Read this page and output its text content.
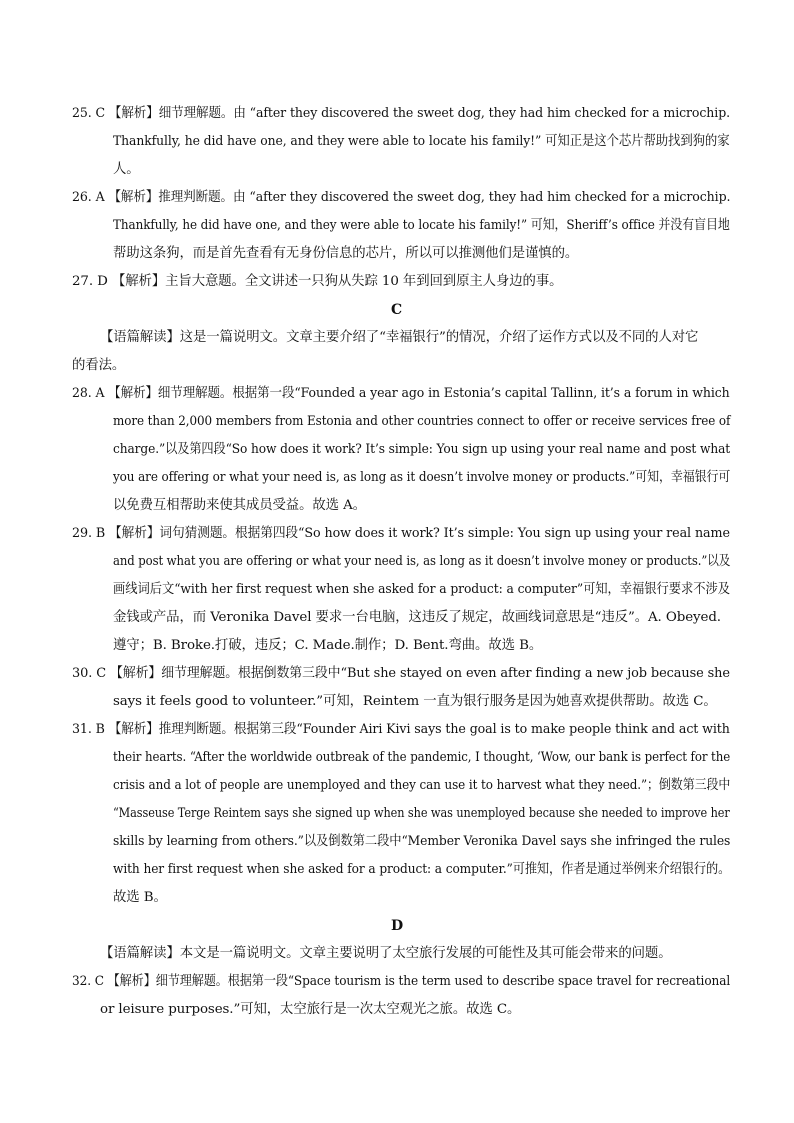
25. C 【解析】细节理解题。由 “after they discovered the sweet dog, they had him checked for a microchip.
Thankfully, he did have one, and they were able to locate his family!” 可知正是这个芯片帮助找到狗的家
人。
26. A 【解析】推理判断题。由 “after they discovered the sweet dog, they had him checked for a microchip.
Thankfully, he did have one, and they were able to locate his family!” 可知，Sheriff’s office 并没有盲目地
帮助这条狗，而是首先查看有无身份信息的芯片，所以可以推测他们是谨慎的。
27. D 【解析】主旨大意题。全文讲述一只狗从失踪 10 年到回到原主人身边的事。
C
【语篇解读】这是一篇说明文。文章主要介绍了“幸福银行”的情况，介绍了运作方式以及不同的人对它
的看法。
28. A 【解析】细节理解题。根据第一段“Founded a year ago in Estonia’s capital Tallinn, it’s a forum in which
more than 2,000 members from Estonia and other countries connect to offer or receive services free of
charge.”以及第四段“So how does it work? It’s simple: You sign up using your real name and post what
you are offering or what your need is, as long as it doesn’t involve money or products.”可知，幸福银行可
以免费互相帮助来使其成员受益。故选 A。
29. B 【解析】词句猜测题。根据第四段“So how does it work? It’s simple: You sign up using your real name
and post what you are offering or what your need is, as long as it doesn’t involve money or products.”以及
画线词后文“with her first request when she asked for a product: a computer”可知，幸福银行要求不涉及
金钱或产品，而 Veronika Davel 要求一台电脑，这违反了规定，故画线词意思是“违反”。A. Obeyed.
遵守；B. Broke.打破，违反；C. Made.制作；D. Bent.弯曲。故选 B。
30. C 【解析】细节理解题。根据倒数第三段中“But she stayed on even after finding a new job because she
says it feels good to volunteer.”可知，Reintem 一直为银行服务是因为她喜欢提供帮助。故选 C。
31. B 【解析】推理判断题。根据第三段“Founder Airi Kivi says the goal is to make people think and act with
their hearts. “After the worldwide outbreak of the pandemic, I thought, ‘Wow, our bank is perfect for the
crisis and a lot of people are unemployed and they can use it to harvest what they need.”；倒数第三段中
“Masseuse Terge Reintem says she signed up when she was unemployed because she needed to improve her
skills by learning from others.”以及倒数第二段中“Member Veronika Davel says she infringed the rules
with her first request when she asked for a product: a computer.”可推知，作者是通过举例来介绍银行的。
故选 B。
D
【语篇解读】本文是一篇说明文。文章主要说明了太空旅行发展的可能性及其可能会带来的问题。
32. C 【解析】细节理解题。根据第一段“Space tourism is the term used to describe space travel for recreational
or leisure purposes.”可知，太空旅行是一次太空观光之旅。故选 C。
